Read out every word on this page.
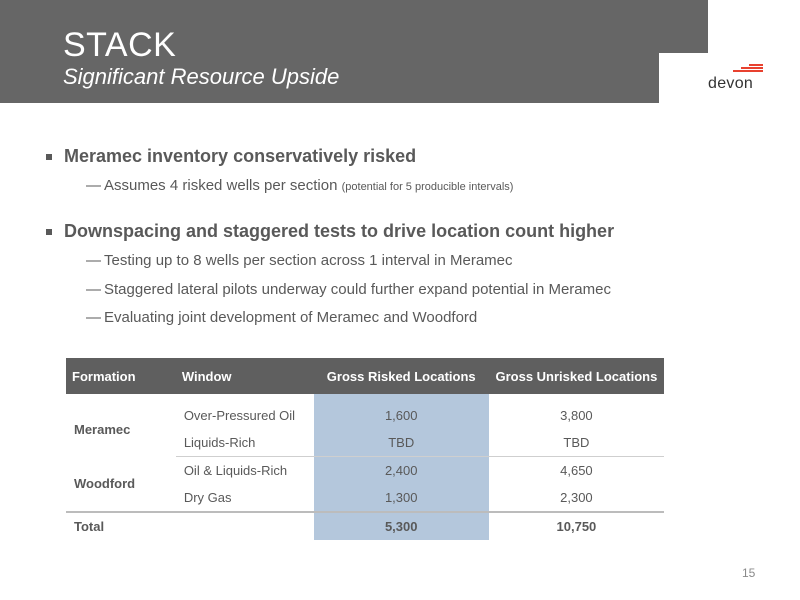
STACK
Significant Resource Upside	devon
Meramec inventory conservatively risked
— Assumes 4 risked wells per section (potential for 5 producible intervals)
Downspacing and staggered tests to drive location count higher
— Testing up to 8 wells per section across 1 interval in Meramec
— Staggered lateral pilots underway could further expand potential in Meramec
— Evaluating joint development of Meramec and Woodford
Formation	Window	Gross Risked Locations	Gross Unrisked Locations

Meramec	Over-Pressured Oil	1,600	3,800
	Liquids-Rich	TBD	TBD
Woodford	Oil & Liquids-Rich	2,400	4,650
	Dry Gas	1,300	2,300
Total		5,300	10,750
15
